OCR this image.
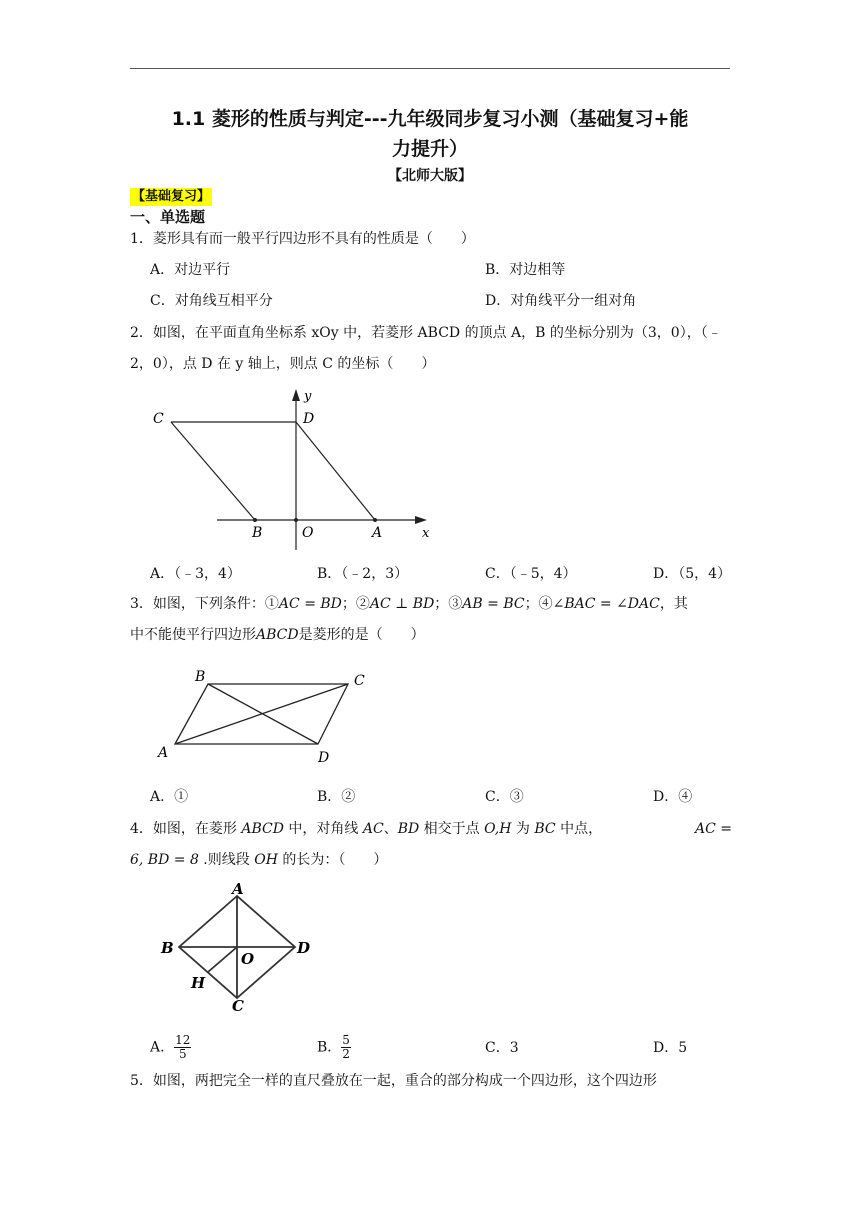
1.1 菱形的性质与判定---九年级同步复习小测（基础复习+能
力提升）
【北师大版】
【基础复习】
一、单选题
1．菱形具有而一般平行四边形不具有的性质是（　　）
A．对边平行	B．对边相等
C．对角线互相平分	D．对角线平分一组对角
2．如图，在平面直角坐标系 xOy 中，若菱形 ABCD 的顶点 A，B 的坐标分别为（3，0），（﹣2，0），点 D 在 y 轴上，则点 C 的坐标（　　）
C	D
y
B	O	A	x
A．（﹣3，4）	B．（﹣2，3）	C．（﹣5，4）	D．（5，4）
3．如图，下列条件：①AC = BD；②AC ⊥ BD；③AB = BC；④∠BAC = ∠DAC，其
中不能使平行四边形ABCD是菱形的是（　　）
B	C
A	D
A．①	B．②	C．③	D．④
4．如图，在菱形 ABCD 中，对角线 AC、BD 相交于点 O,H 为 BC 中点，	AC =

6, BD = 8 .则线段 OH 的长为：（　　）
A
B	D
O
H
C
A． $\frac{12}{5}$	B． $\frac{5}{2}$	C．3	D．5
5．如图，两把完全一样的直尺叠放在一起，重合的部分构成一个四边形，这个四边形
